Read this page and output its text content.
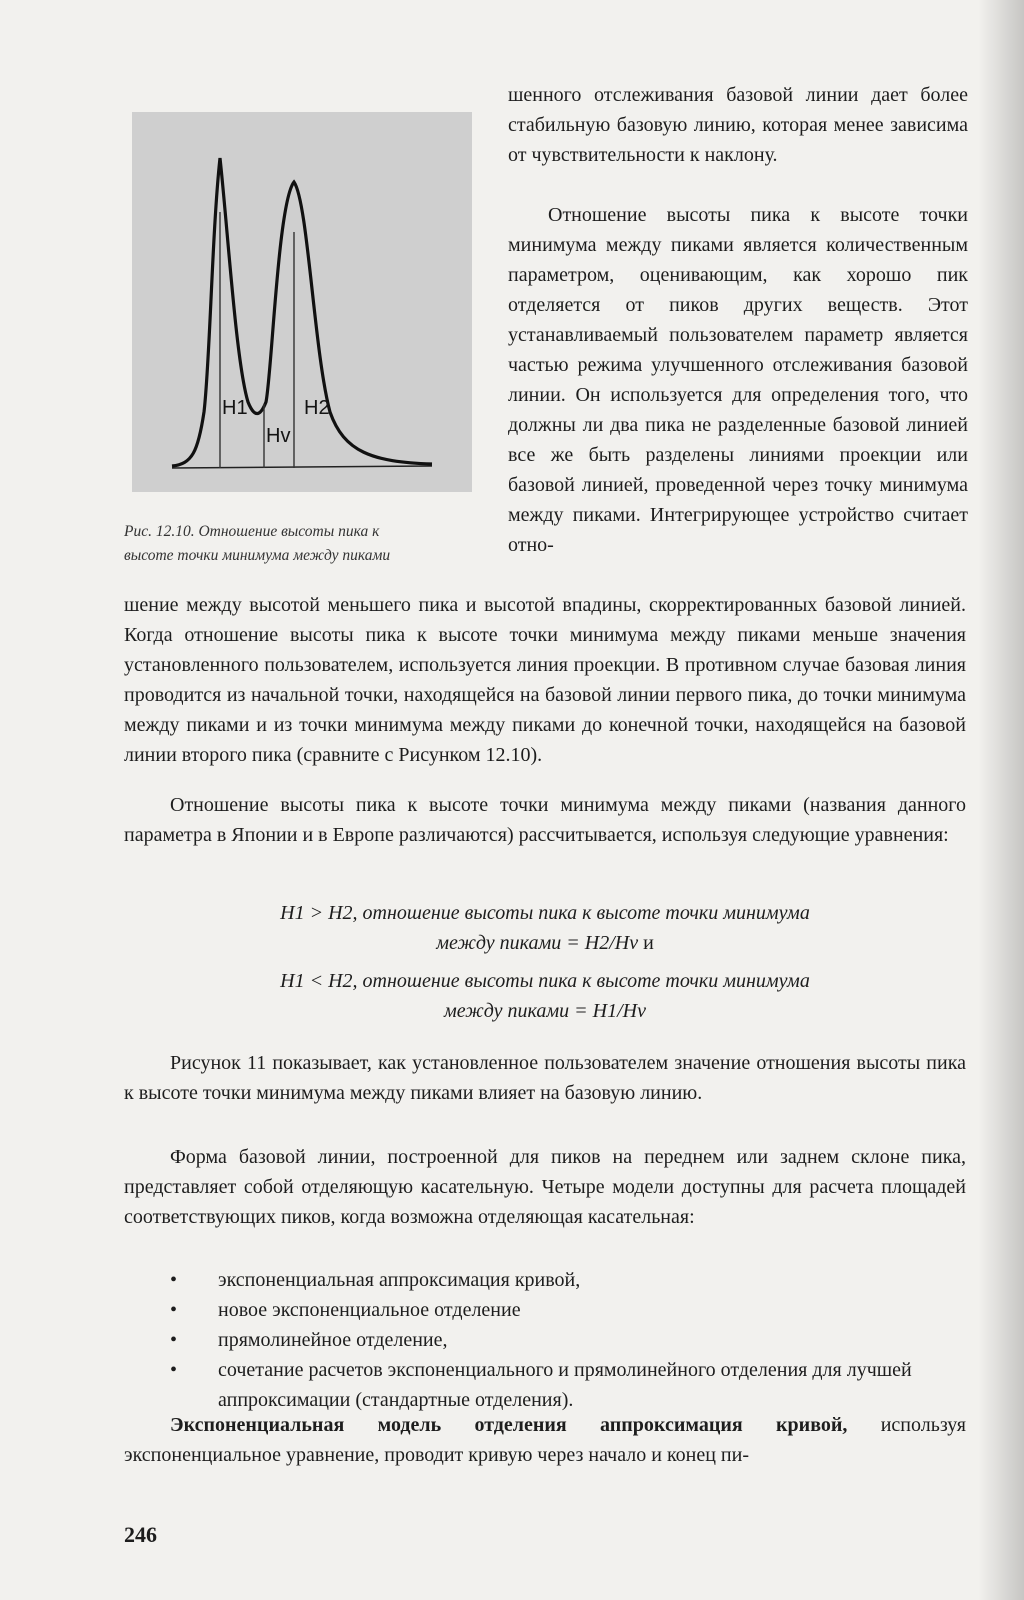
H1	H2
Hv
Рис. 12.10. Отношение высоты пика к
высоте точки минимума между пиками

шенного отслеживания базовой линии дает более стабильную базовую линию, которая менее зависима от чувствительности к наклону.

Отношение высоты пика к высоте точки минимума между пиками является количественным параметром, оценивающим, как хорошо пик отделяется от пиков других веществ. Этот устанавливаемый пользователем параметр является частью режима улучшенного отслеживания базовой линии. Он используется для определения того, что должны ли два пика не разделенные базовой линией все же быть разделены линиями проекции или базовой линией, проведенной через точку минимума между пиками. Интегрирующее устройство считает отно-

шение между высотой меньшего пика и высотой впадины, скорректированных базовой линией. Когда отношение высоты пика к высоте точки минимума между пиками меньше значения установленного пользователем, используется линия проекции. В противном случае базовая линия проводится из начальной точки, находящейся на базовой линии первого пика, до точки минимума между пиками и из точки минимума между пиками до конечной точки, находящейся на базовой линии второго пика (сравните с Рисунком 12.10).

Отношение высоты пика к высоте точки минимума между пиками (названия данного параметра в Японии и в Европе различаются) рассчитывается, используя следующие уравнения:

H1 > H2, отношение высоты пика к высоте точки минимума
между пиками = H2/Hv и
H1 < H2, отношение высоты пика к высоте точки минимума
между пиками = H1/Hv

Рисунок 11 показывает, как установленное пользователем значение отношения высоты пика к высоте точки минимума между пиками влияет на базовую линию.

Форма базовой линии, построенной для пиков на переднем или заднем склоне пика, представляет собой отделяющую касательную. Четыре модели доступны для расчета площадей соответствующих пиков, когда возможна отделяющая касательная:

• экспоненциальная аппроксимация кривой,
• новое экспоненциальное отделение
• прямолинейное отделение,
• сочетание расчетов экспоненциального и прямолинейного отделения для лучшей аппроксимации (стандартные отделения).

Экспоненциальная модель отделения аппроксимация кривой, используя экспоненциальное уравнение, проводит кривую через начало и конец пи-

246
